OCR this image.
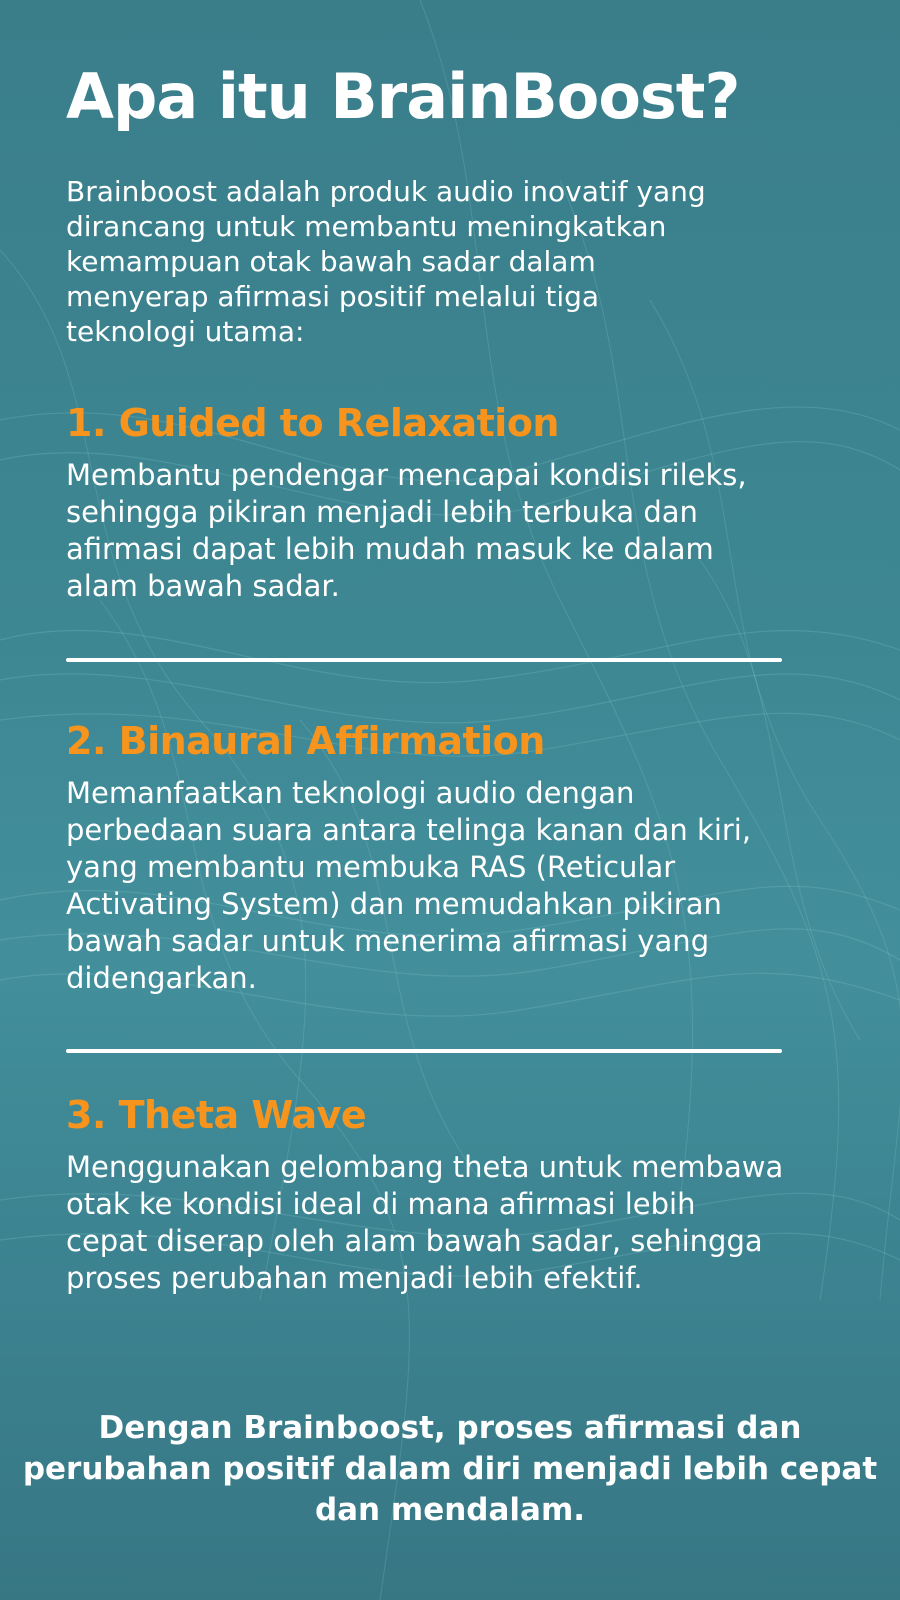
Apa itu BrainBoost?

Brainboost adalah produk audio inovatif yang dirancang untuk membantu meningkatkan kemampuan otak bawah sadar dalam menyerap afirmasi positif melalui tiga teknologi utama:

1. Guided to Relaxation

Membantu pendengar mencapai kondisi rileks, sehingga pikiran menjadi lebih terbuka dan afirmasi dapat lebih mudah masuk ke dalam alam bawah sadar.

2. Binaural Affirmation

Memanfaatkan teknologi audio dengan perbedaan suara antara telinga kanan dan kiri, yang membantu membuka RAS (Reticular Activating System) dan memudahkan pikiran bawah sadar untuk menerima afirmasi yang didengarkan.

3. Theta Wave

Menggunakan gelombang theta untuk membawa otak ke kondisi ideal di mana afirmasi lebih cepat diserap oleh alam bawah sadar, sehingga proses perubahan menjadi lebih efektif.

Dengan Brainboost, proses afirmasi dan perubahan positif dalam diri menjadi lebih cepat dan mendalam.
